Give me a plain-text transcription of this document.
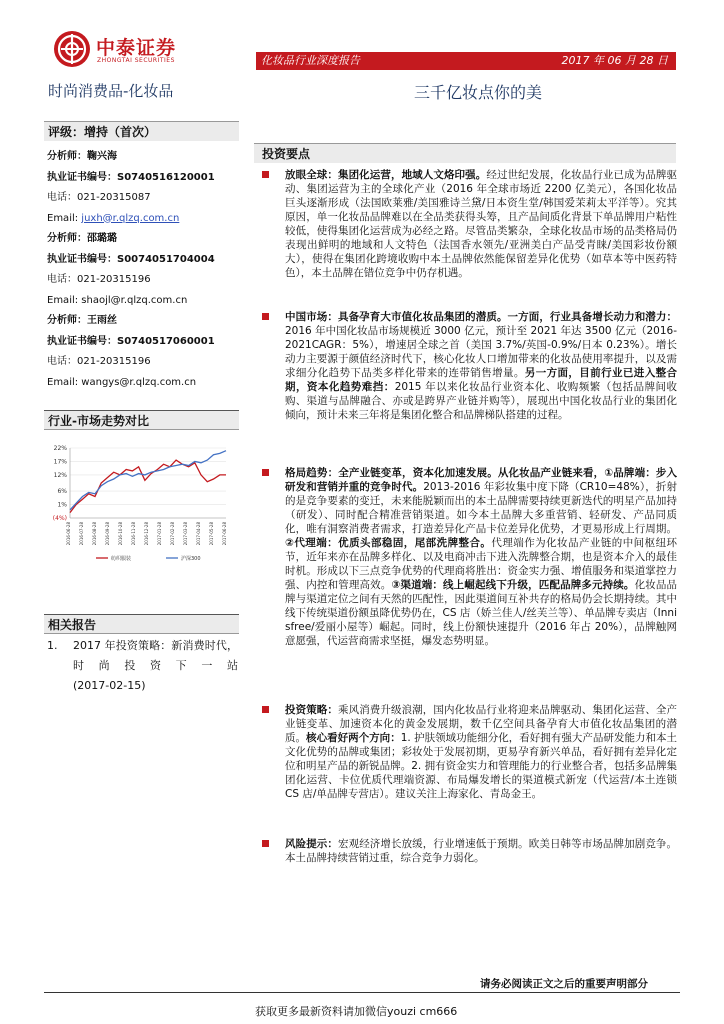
中泰证券
ZHONGTAI SECURITIES	化妆品行业深度报告	2017 年 06 月 28 日
时尚消费品-化妆品	三千亿妆点你的美
评级：增持（首次）
分析师：鞠兴海
执业证书编号：S0740516120001
电话：021-20315087
Email: juxh@r.qlzq.com.cn
分析师：邵璐璐
执业证书编号：S0074051704004
电话：021-20315196
Email: shaojl@r.qlzq.com.cn
分析师：王雨丝
执业证书编号：S0740517060001
电话：021-20315196
Email: wangys@r.qlzq.com.cn
行业-市场走势对比
22%
17%
12%
6%
1%
(4%)
2016-06-28 2016-07-28 2016-08-28 2016-09-28 2016-10-28 2016-11-28 2016-12-28 2017-01-28 2017-02-28 2017-03-28 2017-04-28 2017-05-28 2017-06-28
纺织服装	沪深300
相关报告
1. 2017 年投资策略：新消费时代，时尚投资下一站
(2017-02-15)
投资要点
放眼全球：集团化运营，地域人文烙印强。经过世纪发展，化妆品行业已成为品牌驱动、集团运营为主的全球化产业（2016 年全球市场近 2200 亿美元），各国化妆品巨头逐渐形成（法国欧莱雅/美国雅诗兰黛/日本资生堂/韩国爱茉莉太平洋等）。究其原因，单一化妆品品牌难以在全品类获得头筹，且产品间质化背景下单品牌用户粘性较低，使得集团化运营成为必经之路。尽管品类繁杂，全球化妆品市场的品类格局仍表现出鲜明的地域和人文特色（法国香水领先/亚洲美白产品受青睐/美国彩妆份额大），使得在集团化跨境收购中本土品牌依然能保留差异化优势（如草本等中医药特色），本土品牌在错位竞争中仍存机遇。
中国市场：具备孕育大市值化妆品集团的潜质。一方面，行业具备增长动力和潜力：2016 年中国化妆品市场规模近 3000 亿元，预计至 2021 年达 3500 亿元（2016-2021CAGR：5%），增速居全球之首（美国 3.7%/英国-0.9%/日本 0.23%）。增长动力主要源于颜值经济时代下，核心化妆人口增加带来的化妆品使用率提升，以及需求细分化趋势下品类多样化带来的连带销售增量。另一方面，目前行业已进入整合期，资本化趋势难挡：2015 年以来化妆品行业资本化、收购频繁（包括品牌间收购、渠道与品牌融合、亦或是跨界产业链并购等），展现出中国化妆品行业的集团化倾向，预计未来三年将是集团化整合和品牌梯队搭建的过程。
格局趋势：全产业链变革，资本化加速发展。从化妆品产业链来看，①品牌端：步入研发和营销并重的竞争时代。2013-2016 年彩妆集中度下降（CR10=48%），折射的是竞争要素的变迁，未来能脱颖而出的本土品牌需要持续更新迭代的明星产品加持（研发）、同时配合精准营销渠道。如今本土品牌大多重营销、轻研发、产品同质化，唯有洞察消费者需求，打造差异化产品卡位差异化优势，才更易形成上行周期。②代理端：优质头部稳固，尾部洗牌整合。代理端作为化妆品产业链的中间枢纽环节，近年来亦在品牌多样化、以及电商冲击下进入洗牌整合期，也是资本介入的最佳时机。形成以下三点竞争优势的代理商将胜出：资金实力强、增值服务和渠道掌控力强、内控和管理高效。③渠道端：线上崛起线下升级，匹配品牌多元持续。化妆品品牌与渠道定位之间有天然的匹配性，因此渠道间互补共存的格局仍会长期持续。其中线下传统渠道份额虽降优势仍在，CS 店（娇兰佳人/丝芙兰等）、单品牌专卖店（Innisfree/爱丽小屋等）崛起。同时，线上份额快速提升（2016 年占 20%），品牌触网意愿强，代运营商需求坚挺，爆发态势明显。
投资策略：乘风消费升级浪潮，国内化妆品行业将迎来品牌驱动、集团化运营、全产业链变革、加速资本化的黄金发展期，数千亿空间具备孕育大市值化妆品集团的潜质。核心看好两个方向：1. 护肤领域功能细分化，看好拥有强大产品研发能力和本土文化优势的品牌或集团；彩妆处于发展初期，更易孕育新兴单品，看好拥有差异化定位和明星产品的新锐品牌。2. 拥有资金实力和管理能力的行业整合者，包括多品牌集团化运营、卡位优质代理端资源、布局爆发增长的渠道模式新宠（代运营/本土连锁 CS 店/单品牌专营店）。建议关注上海家化、青岛金王。
风险提示：宏观经济增长放缓，行业增速低于预期。欧美日韩等市场品牌加剧竞争。本土品牌持续营销过重，综合竞争力弱化。
请务必阅读正文之后的重要声明部分
获取更多最新资料请加微信youzi cm666
